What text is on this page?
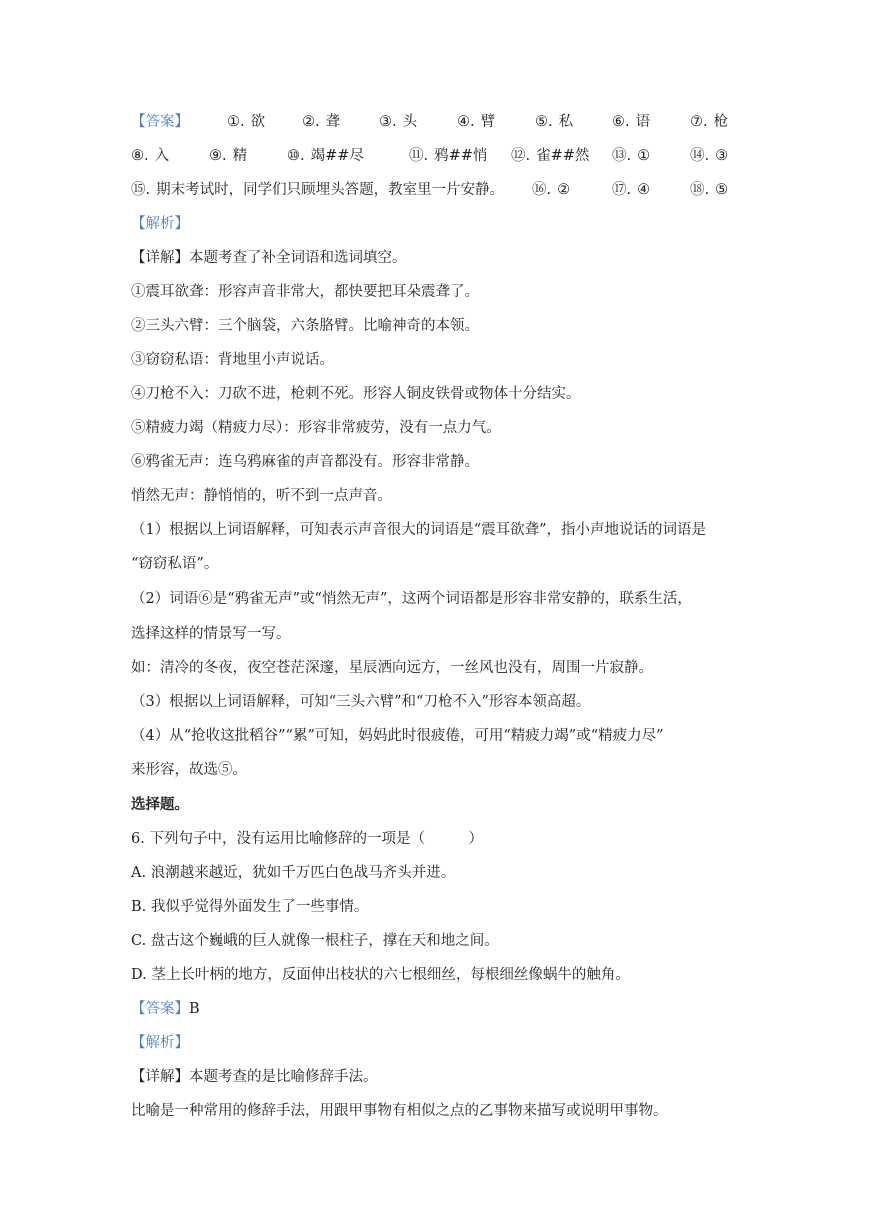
【答案】	①. 欲	②. 聋	③. 头	④. 臂	⑤. 私	⑥. 语	⑦. 枪
⑧. 入	⑨. 精	⑩. 竭##尽	⑪. 鸦##悄 ⑫. 雀##然 ⑬. ①	⑭. ③
⑮. 期末考试时，同学们只顾埋头答题，教室里一片安静。 ⑯. ②	⑰. ④	⑱. ⑤
【解析】
【详解】本题考查了补全词语和选词填空。
①震耳欲聋：形容声音非常大，都快要把耳朵震聋了。
②三头六臂：三个脑袋，六条胳臂。比喻神奇的本领。
③窃窃私语：背地里小声说话。
④刀枪不入：刀砍不进，枪刺不死。形容人铜皮铁骨或物体十分结实。
⑤精疲力竭（精疲力尽）：形容非常疲劳，没有一点力气。
⑥鸦雀无声：连乌鸦麻雀的声音都没有。形容非常静。
悄然无声：静悄悄的，听不到一点声音。
（1）根据以上词语解释，可知表示声音很大的词语是“震耳欲聋”，指小声地说话的词语是
“窃窃私语”。
（2）词语⑥是“鸦雀无声”或“悄然无声”，这两个词语都是形容非常安静的，联系生活，
选择这样的情景写一写。
如：清冷的冬夜，夜空苍茫深邃，星辰洒向远方，一丝风也没有，周围一片寂静。
（3）根据以上词语解释，可知“三头六臂”和“刀枪不入”形容本领高超。
（4）从“抢收这批稻谷”“累”可知，妈妈此时很疲倦，可用“精疲力竭”或“精疲力尽”
来形容，故选⑤。
选择题。
6. 下列句子中，没有运用比喻修辞的一项是（　　　）
A. 浪潮越来越近，犹如千万匹白色战马齐头并进。
B. 我似乎觉得外面发生了一些事情。
C. 盘古这个巍峨的巨人就像一根柱子，撑在天和地之间。
D. 茎上长叶柄的地方，反面伸出枝状的六七根细丝，每根细丝像蜗牛的触角。
【答案】B
【解析】
【详解】本题考查的是比喻修辞手法。
比喻是一种常用的修辞手法，用跟甲事物有相似之点的乙事物来描写或说明甲事物。
